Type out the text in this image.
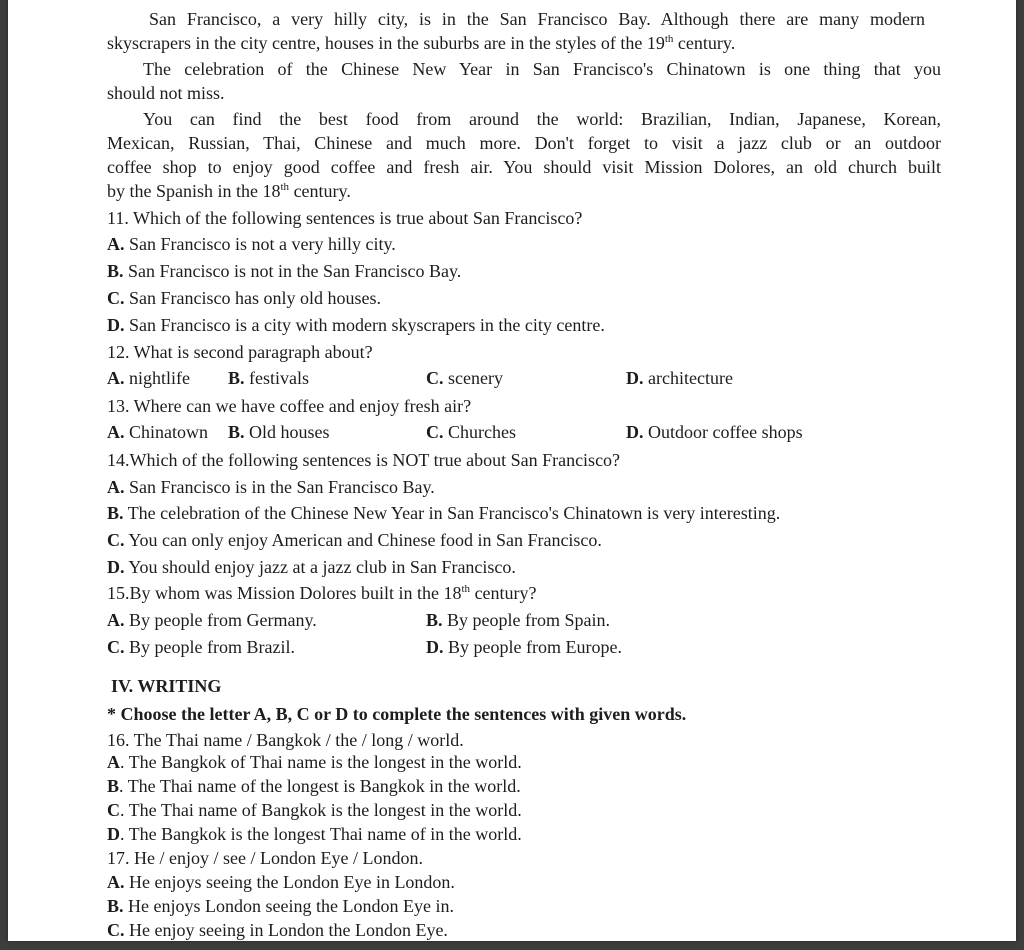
San Francisco, a very hilly city, is in the San Francisco Bay. Although there are many modern

skyscrapers in the city centre, houses in the suburbs are in the styles of the 19th century.

The celebration of the Chinese New Year in San Francisco's Chinatown is one thing that you

should not miss.

You can find the best food from around the world: Brazilian, Indian, Japanese, Korean,

Mexican, Russian, Thai, Chinese and much more. Don't forget to visit a jazz club or an outdoor

coffee shop to enjoy good coffee and fresh air. You should visit Mission Dolores, an old church built

by the Spanish in the 18th century.

11. Which of the following sentences is true about San Francisco?

A. San Francisco is not a very hilly city.

B. San Francisco is not in the San Francisco Bay.

C. San Francisco has only old houses.

D. San Francisco is a city with modern skyscrapers in the city centre.

12. What is second paragraph about?

A. nightlife B. festivals	C. scenery	D. architecture

13. Where can we have coffee and enjoy fresh air?

A. Chinatown B. Old houses	C. Churches	D. Outdoor coffee shops

14.Which of the following sentences is NOT true about San Francisco?

A. San Francisco is in the San Francisco Bay.

B. The celebration of the Chinese New Year in San Francisco's Chinatown is very interesting.

C. You can only enjoy American and Chinese food in San Francisco.

D. You should enjoy jazz at a jazz club in San Francisco.

15.By whom was Mission Dolores built in the 18th century?

A. By people from Germany.	B. By people from Spain.
C. By people from Brazil.	D. By people from Europe.

IV. WRITING

* Choose the letter A, B, C or D to complete the sentences with given words.

16. The Thai name / Bangkok / the / long / world.

A. The Bangkok of Thai name is the longest in the world.

B. The Thai name of the longest is Bangkok in the world.

C. The Thai name of Bangkok is the longest in the world.

D. The Bangkok is the longest Thai name of in the world.

17. He / enjoy / see / London Eye / London.

A. He enjoys seeing the London Eye in London.

B. He enjoys London seeing the London Eye in.

C. He enjoy seeing in London the London Eye.
